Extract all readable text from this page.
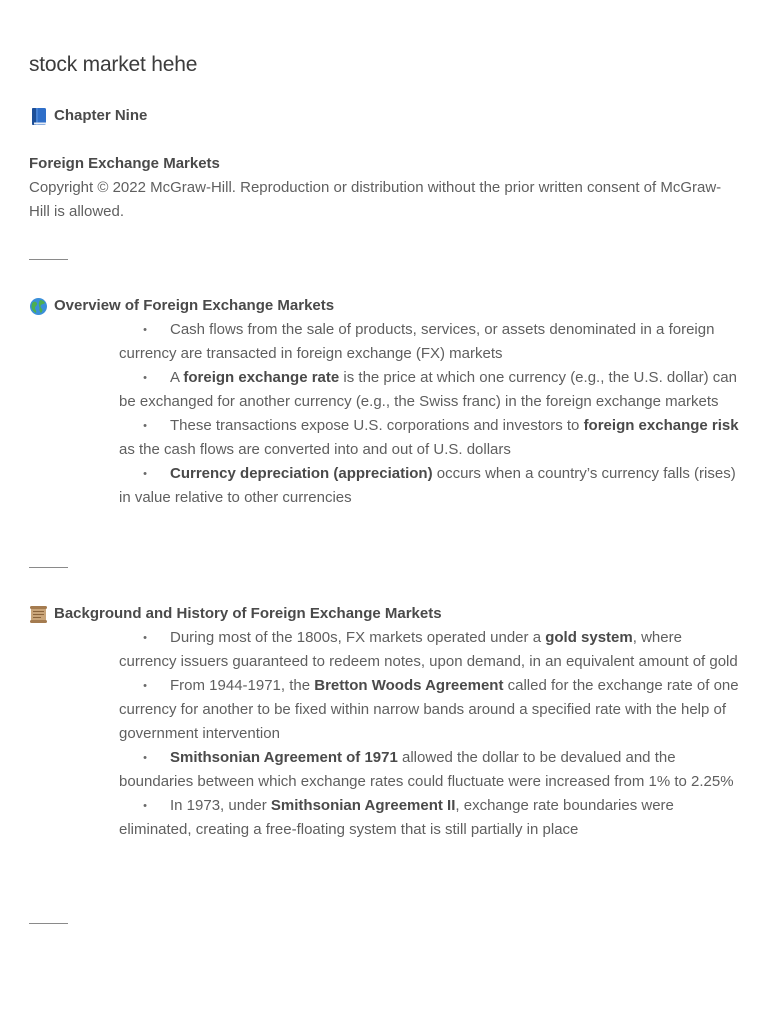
stock market hehe
Chapter Nine
Foreign Exchange Markets
Copyright © 2022 McGraw-Hill. Reproduction or distribution without the prior written consent of McGraw-Hill is allowed.
Overview of Foreign Exchange Markets
• Cash flows from the sale of products, services, or assets denominated in a foreign currency are transacted in foreign exchange (FX) markets
• A foreign exchange rate is the price at which one currency (e.g., the U.S. dollar) can be exchanged for another currency (e.g., the Swiss franc) in the foreign exchange markets
• These transactions expose U.S. corporations and investors to foreign exchange risk as the cash flows are converted into and out of U.S. dollars
• Currency depreciation (appreciation) occurs when a country’s currency falls (rises) in value relative to other currencies
Background and History of Foreign Exchange Markets
• During most of the 1800s, FX markets operated under a gold system, where currency issuers guaranteed to redeem notes, upon demand, in an equivalent amount of gold
• From 1944-1971, the Bretton Woods Agreement called for the exchange rate of one currency for another to be fixed within narrow bands around a specified rate with the help of government intervention
• Smithsonian Agreement of 1971 allowed the dollar to be devalued and the boundaries between which exchange rates could fluctuate were increased from 1% to 2.25%
• In 1973, under Smithsonian Agreement II, exchange rate boundaries were eliminated, creating a free-floating system that is still partially in place
